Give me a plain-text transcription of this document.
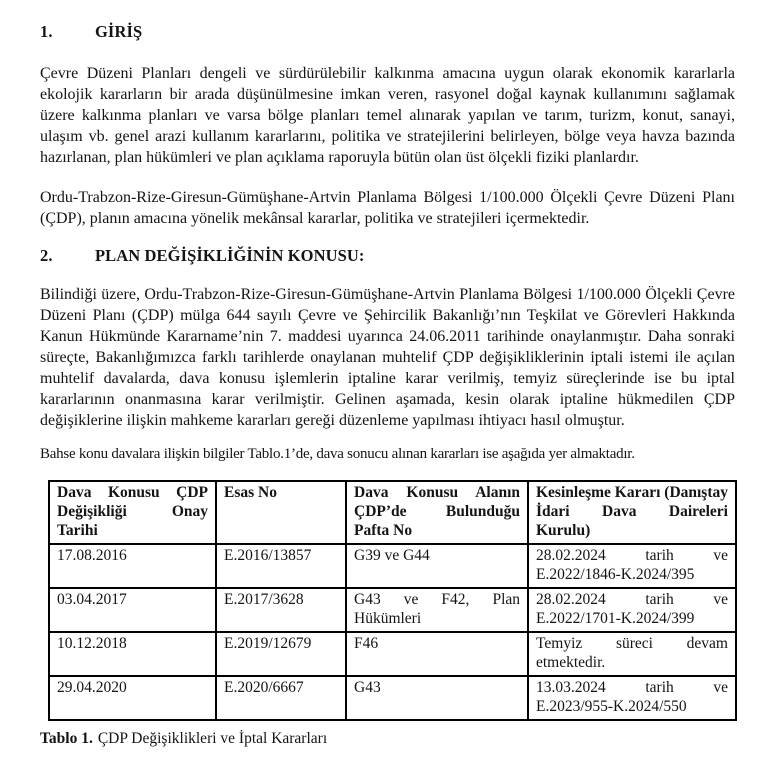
1.	GİRİŞ

Çevre Düzeni Planları dengeli ve sürdürülebilir kalkınma amacına uygun olarak ekonomik kararlarla ekolojik kararların bir arada düşünülmesine imkan veren, rasyonel doğal kaynak kullanımını sağlamak üzere kalkınma planları ve varsa bölge planları temel alınarak yapılan ve tarım, turizm, konut, sanayi, ulaşım vb. genel arazi kullanım kararlarını, politika ve stratejilerini belirleyen, bölge veya havza bazında hazırlanan, plan hükümleri ve plan açıklama raporuyla bütün olan üst ölçekli fiziki planlardır.

Ordu-Trabzon-Rize-Giresun-Gümüşhane-Artvin Planlama Bölgesi 1/100.000 Ölçekli Çevre Düzeni Planı (ÇDP), planın amacına yönelik mekânsal kararlar, politika ve stratejileri içermektedir.

2.	PLAN DEĞİŞİKLİĞİNİN KONUSU:

Bilindiği üzere, Ordu-Trabzon-Rize-Giresun-Gümüşhane-Artvin Planlama Bölgesi 1/100.000 Ölçekli Çevre Düzeni Planı (ÇDP) mülga 644 sayılı Çevre ve Şehircilik Bakanlığı’nın Teşkilat ve Görevleri Hakkında Kanun Hükmünde Kararname’nin 7. maddesi uyarınca 24.06.2011 tarihinde onaylanmıştır. Daha sonraki süreçte, Bakanlığımızca farklı tarihlerde onaylanan muhtelif ÇDP değişikliklerinin iptali istemi ile açılan muhtelif davalarda, dava konusu işlemlerin iptaline karar verilmiş, temyiz süreçlerinde ise bu iptal kararlarının onanmasına karar verilmiştir. Gelinen aşamada, kesin olarak iptaline hükmedilen ÇDP değişiklerine ilişkin mahkeme kararları gereği düzenleme yapılması ihtiyacı hasıl olmuştur.

Bahse konu davalara ilişkin bilgiler Tablo.1’de, dava sonucu alınan kararları ise aşağıda yer almaktadır.

Dava Konusu ÇDP Değişikliği Onay Tarihi	Esas No	Dava Konusu Alanın ÇDP’de Bulunduğu Pafta No	Kesinleşme Kararı (Danıştay İdari Dava Daireleri Kurulu)
17.08.2016	E.2016/13857	G39 ve G44	28.02.2024 tarih ve E.2022/1846-K.2024/395
03.04.2017	E.2017/3628	G43 ve F42, Plan Hükümleri	28.02.2024 tarih ve E.2022/1701-K.2024/399
10.12.2018	E.2019/12679	F46	Temyiz süreci devam etmektedir.
29.04.2020	E.2020/6667	G43	13.03.2024 tarih ve E.2023/955-K.2024/550
Tablo 1. ÇDP Değişiklikleri ve İptal Kararları
